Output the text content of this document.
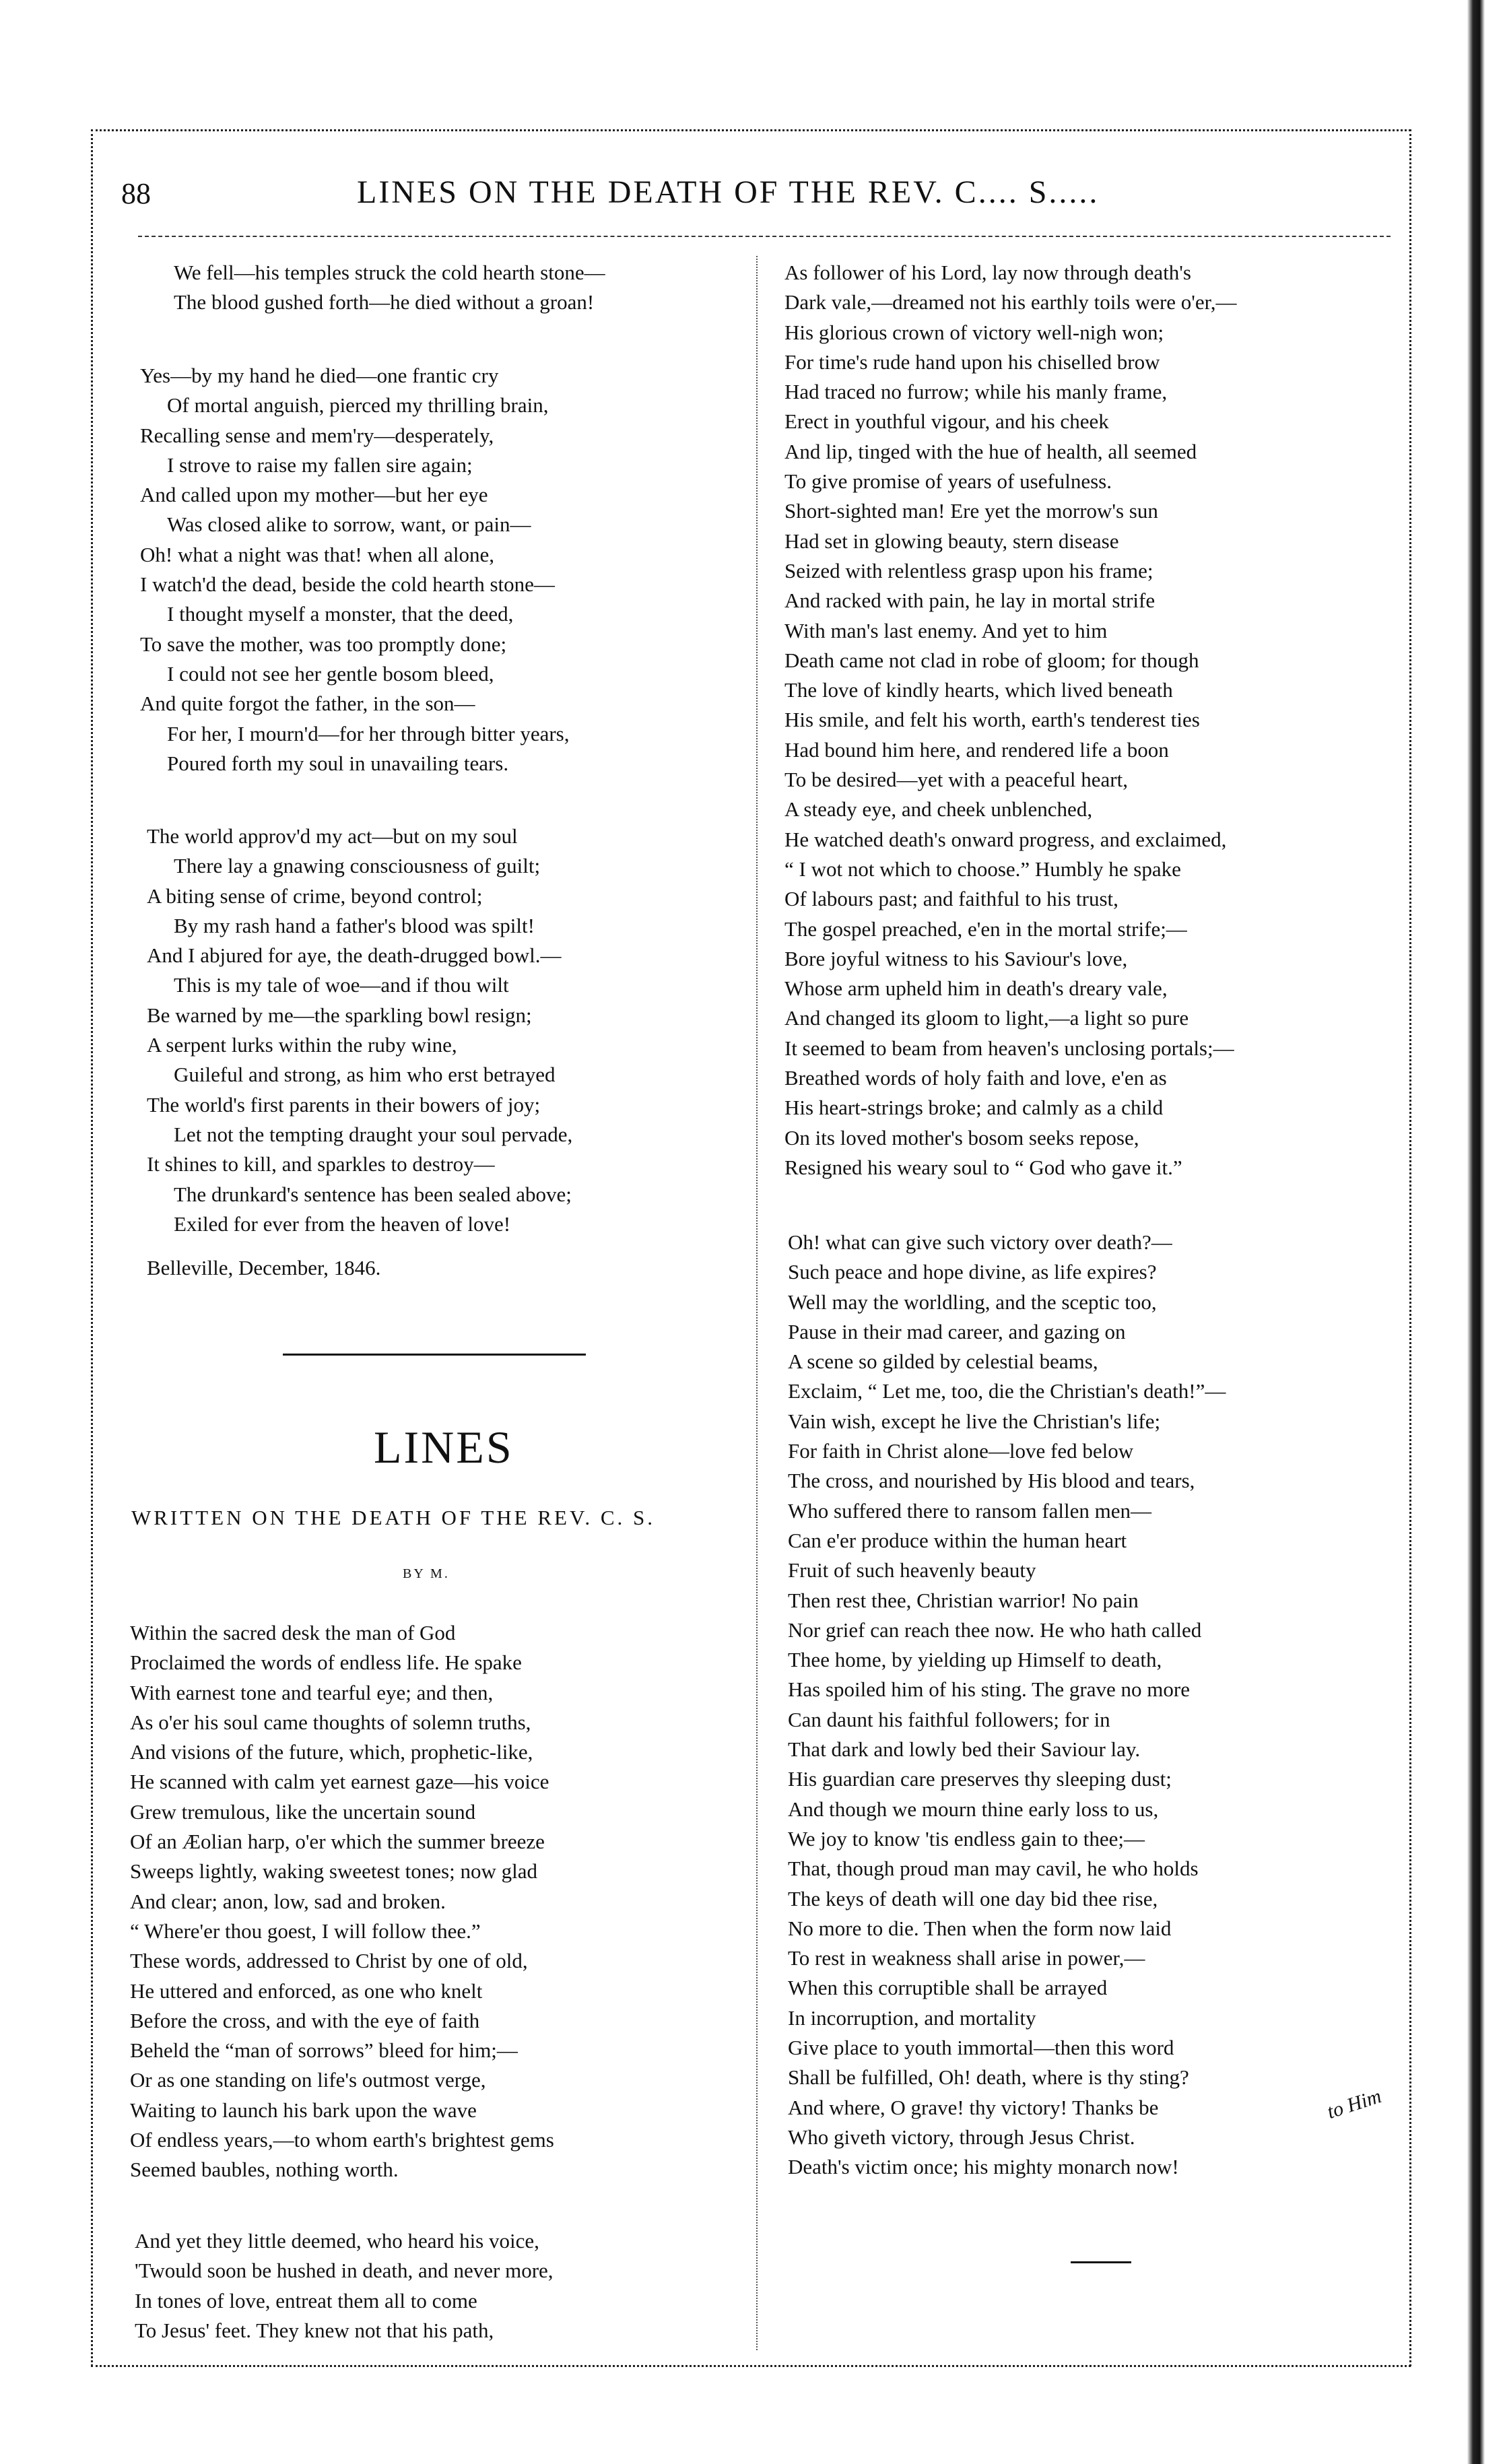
88	LINES ON THE DEATH OF THE REV. C.... S.....
We fell—his temples struck the cold hearth stone—
The blood gushed forth—he died without a groan!
Yes—by my hand he died—one frantic cry
Of mortal anguish, pierced my thrilling brain,
Recalling sense and mem'ry—desperately,
I strove to raise my fallen sire again;
And called upon my mother—but her eye
Was closed alike to sorrow, want, or pain—
Oh! what a night was that! when all alone,
I watch'd the dead, beside the cold hearth stone—
I thought myself a monster, that the deed,
To save the mother, was too promptly done;
I could not see her gentle bosom bleed,
And quite forgot the father, in the son—
For her, I mourn'd—for her through bitter years,
Poured forth my soul in unavailing tears.
The world approv'd my act—but on my soul
There lay a gnawing consciousness of guilt;
A biting sense of crime, beyond control;
By my rash hand a father's blood was spilt!
And I abjured for aye, the death-drugged bowl.—
This is my tale of woe—and if thou wilt
Be warned by me—the sparkling bowl resign;
A serpent lurks within the ruby wine,
Guileful and strong, as him who erst betrayed
The world's first parents in their bowers of joy;
Let not the tempting draught your soul pervade,
It shines to kill, and sparkles to destroy—
The drunkard's sentence has been sealed above;
Exiled for ever from the heaven of love!
Belleville, December, 1846.
LINES
WRITTEN ON THE DEATH OF THE REV. C. S.
BY M.
Within the sacred desk the man of God
Proclaimed the words of endless life. He spake
With earnest tone and tearful eye; and then,
As o'er his soul came thoughts of solemn truths,
And visions of the future, which, prophetic-like,
He scanned with calm yet earnest gaze—his voice
Grew tremulous, like the uncertain sound
Of an Æolian harp, o'er which the summer breeze
Sweeps lightly, waking sweetest tones; now glad
And clear; anon, low, sad and broken.
“ Where'er thou goest, I will follow thee.”
These words, addressed to Christ by one of old,
He uttered and enforced, as one who knelt
Before the cross, and with the eye of faith
Beheld the “man of sorrows” bleed for him;—
Or as one standing on life's outmost verge,
Waiting to launch his bark upon the wave
Of endless years,—to whom earth's brightest gems
Seemed baubles, nothing worth.
And yet they little deemed, who heard his voice,
'Twould soon be hushed in death, and never more,
In tones of love, entreat them all to come
To Jesus' feet. They knew not that his path,
As follower of his Lord, lay now through death's
Dark vale,—dreamed not his earthly toils were o'er,—
His glorious crown of victory well-nigh won;
For time's rude hand upon his chiselled brow
Had traced no furrow; while his manly frame,
Erect in youthful vigour, and his cheek
And lip, tinged with the hue of health, all seemed
To give promise of years of usefulness.
Short-sighted man! Ere yet the morrow's sun
Had set in glowing beauty, stern disease
Seized with relentless grasp upon his frame;
And racked with pain, he lay in mortal strife
With man's last enemy. And yet to him
Death came not clad in robe of gloom; for though
The love of kindly hearts, which lived beneath
His smile, and felt his worth, earth's tenderest ties
Had bound him here, and rendered life a boon
To be desired—yet with a peaceful heart,
A steady eye, and cheek unblenched,
He watched death's onward progress, and exclaimed,
“ I wot not which to choose.” Humbly he spake
Of labours past; and faithful to his trust,
The gospel preached, e'en in the mortal strife;—
Bore joyful witness to his Saviour's love,
Whose arm upheld him in death's dreary vale,
And changed its gloom to light,—a light so pure
It seemed to beam from heaven's unclosing portals;—
Breathed words of holy faith and love, e'en as
His heart-strings broke; and calmly as a child
On its loved mother's bosom seeks repose,
Resigned his weary soul to “ God who gave it.”
Oh! what can give such victory over death?—
Such peace and hope divine, as life expires?
Well may the worldling, and the sceptic too,
Pause in their mad career, and gazing on
A scene so gilded by celestial beams,
Exclaim, “ Let me, too, die the Christian's death!”—
Vain wish, except he live the Christian's life;
For faith in Christ alone—love fed below
The cross, and nourished by His blood and tears,
Who suffered there to ransom fallen men—
Can e'er produce within the human heart
Fruit of such heavenly beauty
Then rest thee, Christian warrior! No pain
Nor grief can reach thee now. He who hath called
Thee home, by yielding up Himself to death,
Has spoiled him of his sting. The grave no more
Can daunt his faithful followers; for in
That dark and lowly bed their Saviour lay.
His guardian care preserves thy sleeping dust;
And though we mourn thine early loss to us,
We joy to know 'tis endless gain to thee;—
That, though proud man may cavil, he who holds
The keys of death will one day bid thee rise,
No more to die. Then when the form now laid
To rest in weakness shall arise in power,—
When this corruptible shall be arrayed
In incorruption, and mortality
Give place to youth immortal—then this word
Shall be fulfilled, Oh! death, where is thy sting?
And where, O grave! thy victory! Thanks be
Who giveth victory, through Jesus Christ.
Death's victim once; his mighty monarch now!
to Him
